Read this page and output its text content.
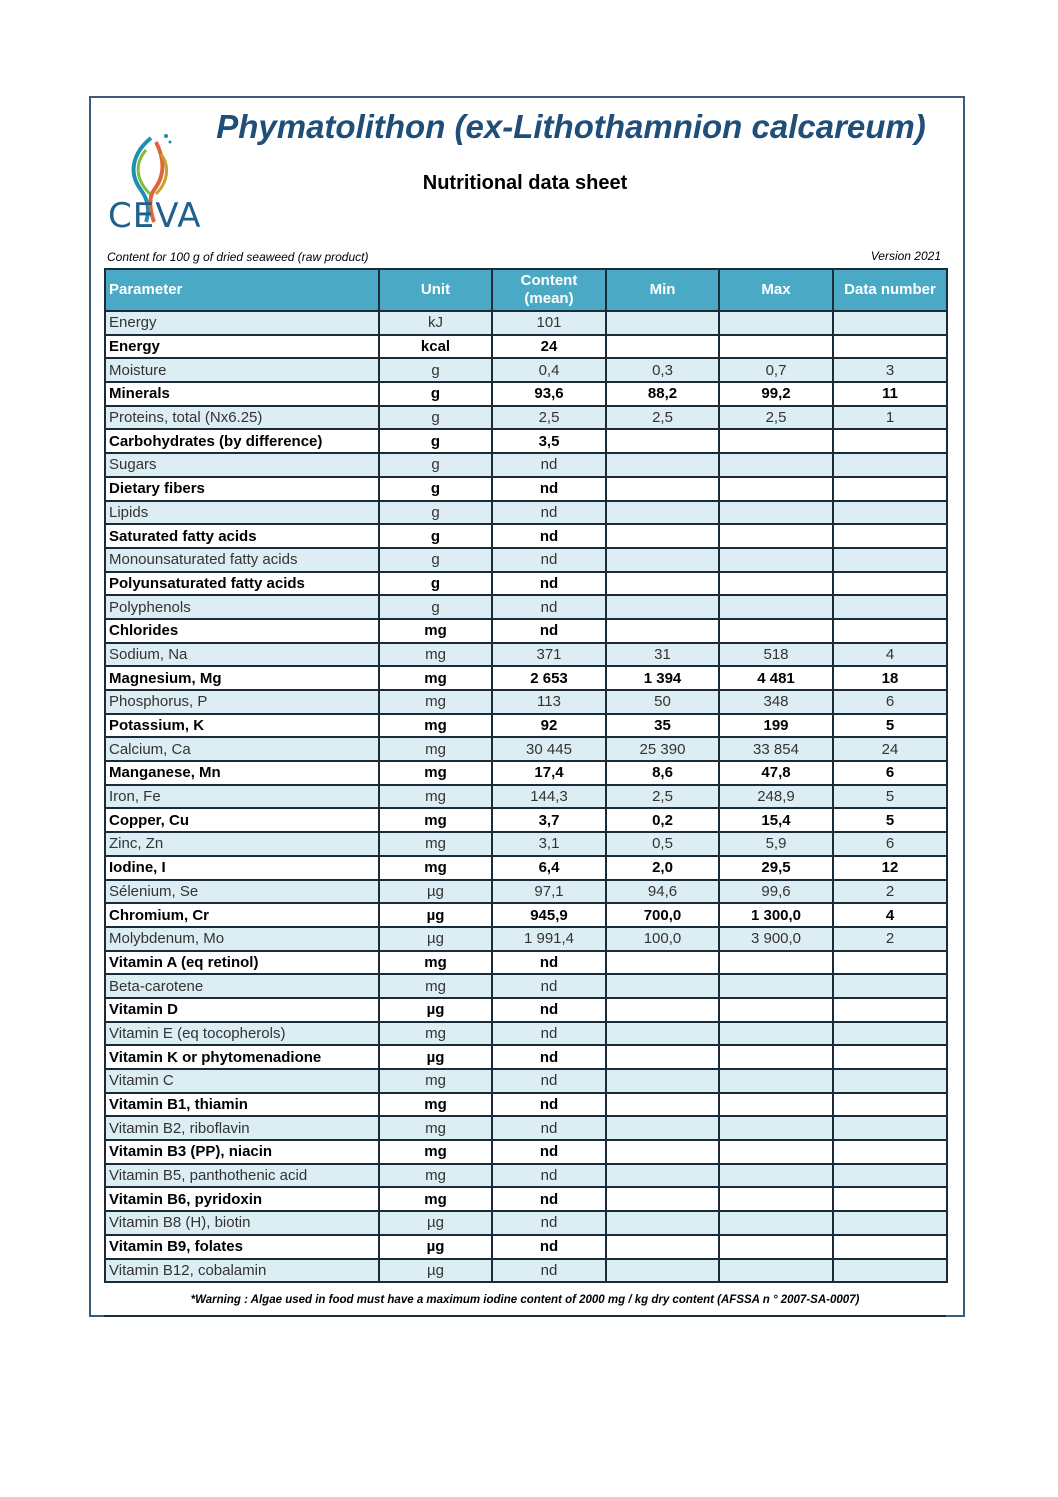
CEVA
Phymatolithon (ex-Lithothamnion calcareum)
Nutritional data sheet
Content for 100 g of dried seaweed (raw product)	Version 2021
Parameter	Unit	Content (mean)	Min	Max	Data number
Energy	kJ	101			
Energy	kcal	24			
Moisture	g	0,4	0,3	0,7	3
Minerals	g	93,6	88,2	99,2	11
Proteins, total (Nx6.25)	g	2,5	2,5	2,5	1
Carbohydrates (by difference)	g	3,5			
Sugars	g	nd			
Dietary fibers	g	nd			
Lipids	g	nd			
Saturated fatty acids	g	nd			
Monounsaturated fatty acids	g	nd			
Polyunsaturated fatty acids	g	nd			
Polyphenols	g	nd			
Chlorides	mg	nd			
Sodium, Na	mg	371	31	518	4
Magnesium, Mg	mg	2 653	1 394	4 481	18
Phosphorus, P	mg	113	50	348	6
Potassium, K	mg	92	35	199	5
Calcium, Ca	mg	30 445	25 390	33 854	24
Manganese, Mn	mg	17,4	8,6	47,8	6
Iron, Fe	mg	144,3	2,5	248,9	5
Copper, Cu	mg	3,7	0,2	15,4	5
Zinc, Zn	mg	3,1	0,5	5,9	6
Iodine, I	mg	6,4	2,0	29,5	12
Sélenium, Se	µg	97,1	94,6	99,6	2
Chromium, Cr	µg	945,9	700,0	1 300,0	4
Molybdenum, Mo	µg	1 991,4	100,0	3 900,0	2
Vitamin A (eq retinol)	mg	nd			
Beta-carotene	mg	nd			
Vitamin D	µg	nd			
Vitamin E (eq tocopherols)	mg	nd			
Vitamin K or phytomenadione	µg	nd			
Vitamin C	mg	nd			
Vitamin B1, thiamin	mg	nd			
Vitamin B2, riboflavin	mg	nd			
Vitamin B3 (PP), niacin	mg	nd			
Vitamin B5, panthothenic acid	mg	nd			
Vitamin B6, pyridoxin	mg	nd			
Vitamin B8 (H), biotin	µg	nd			
Vitamin B9, folates	µg	nd			
Vitamin B12, cobalamin	µg	nd			
*Warning : Algae used in food must have a maximum iodine content of 2000 mg / kg dry content (AFSSA n ° 2007-SA-0007)
